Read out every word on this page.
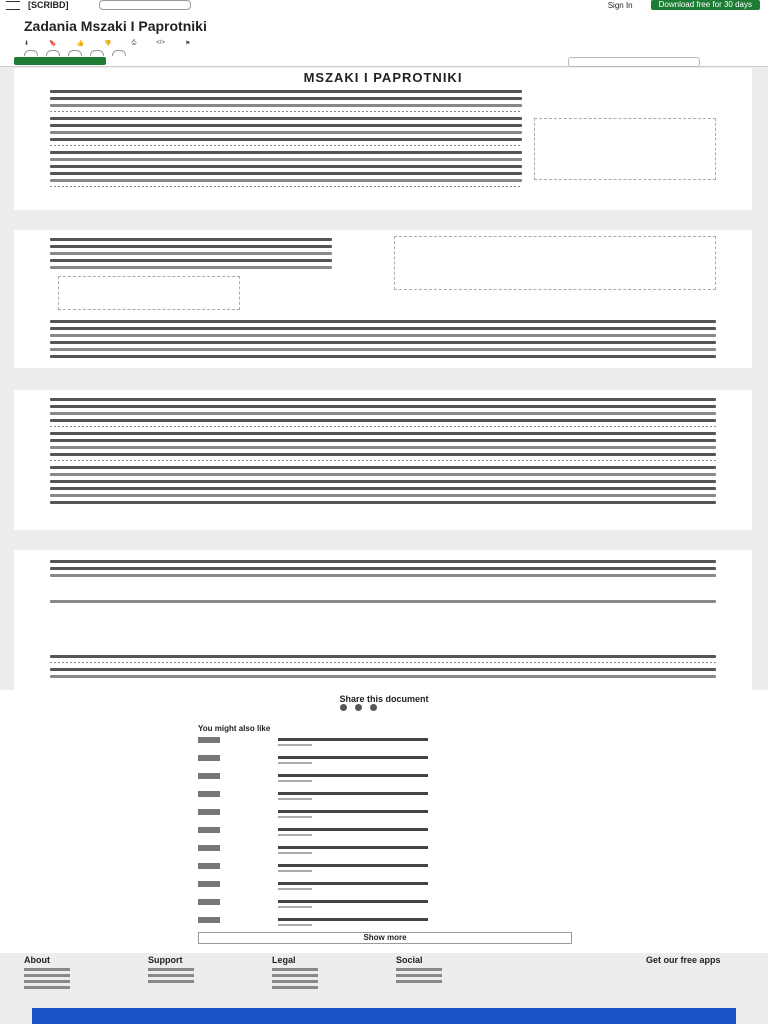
[SCRIBD]	Sign In	Download free for 30 days
Zadania Mszaki I Paprotniki
⬇	🔖	👍	👎	⎙	</>	⚑
MSZAKI I PAPROTNIKI
Share this document
You might also like
Show more
About	Support	Legal	Social	Get our free apps
